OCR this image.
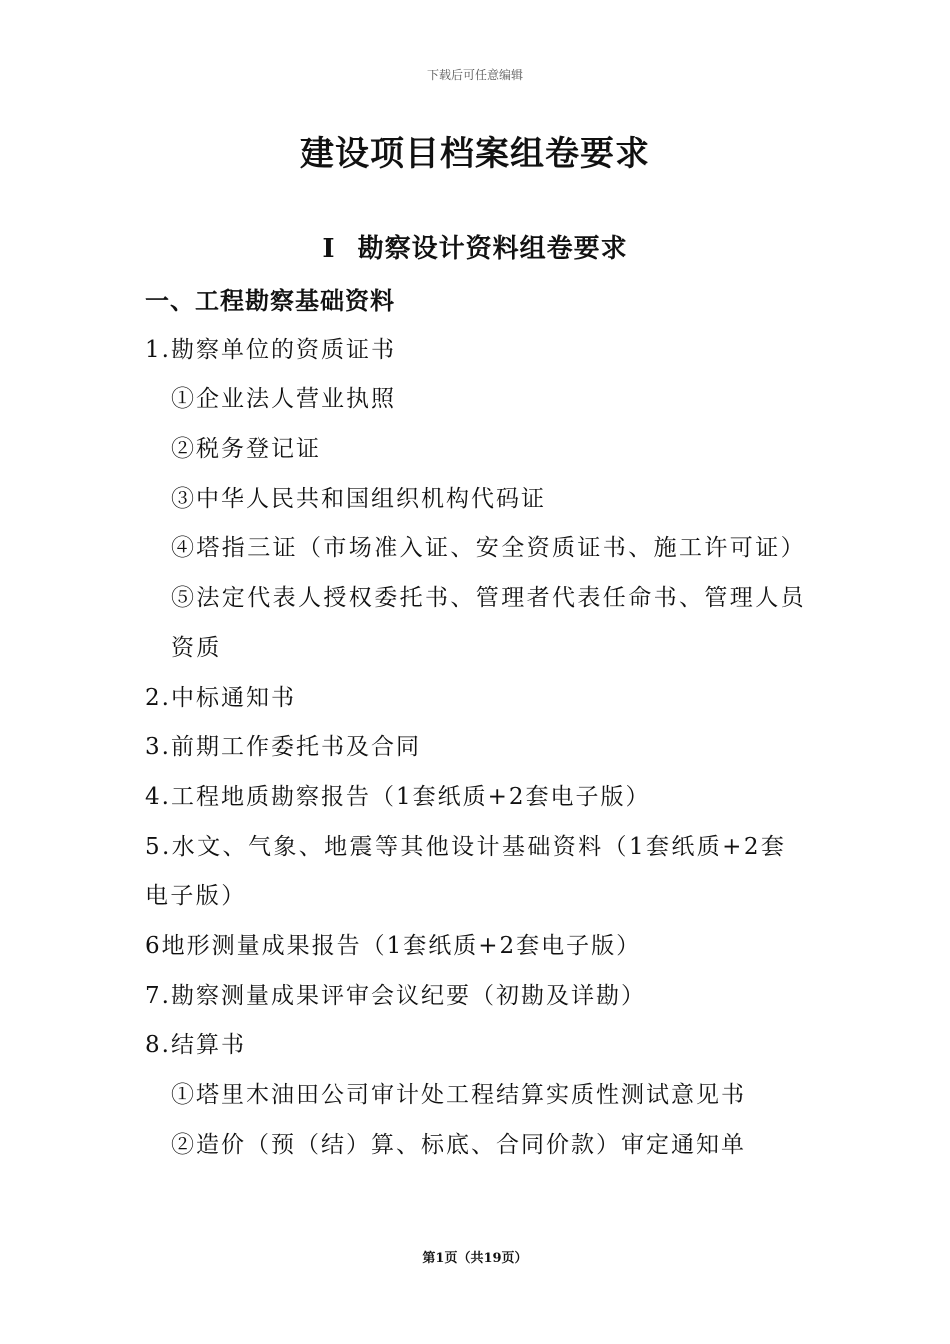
下载后可任意编辑
建设项目档案组卷要求
I 勘察设计资料组卷要求
一、工程勘察基础资料
1.勘察单位的资质证书
①企业法人营业执照
②税务登记证
③中华人民共和国组织机构代码证
④塔指三证（市场准入证、安全资质证书、施工许可证）
⑤法定代表人授权委托书、管理者代表任命书、管理人员资质
2.中标通知书
3.前期工作委托书及合同
4.工程地质勘察报告（1套纸质+2套电子版）
5.水文、气象、地震等其他设计基础资料（1套纸质+2套电子版）
6地形测量成果报告（1套纸质+2套电子版）
7.勘察测量成果评审会议纪要（初勘及详勘）
8.结算书
①塔里木油田公司审计处工程结算实质性测试意见书
②造价（预（结）算、标底、合同价款）审定通知单
第1页（共19页）
